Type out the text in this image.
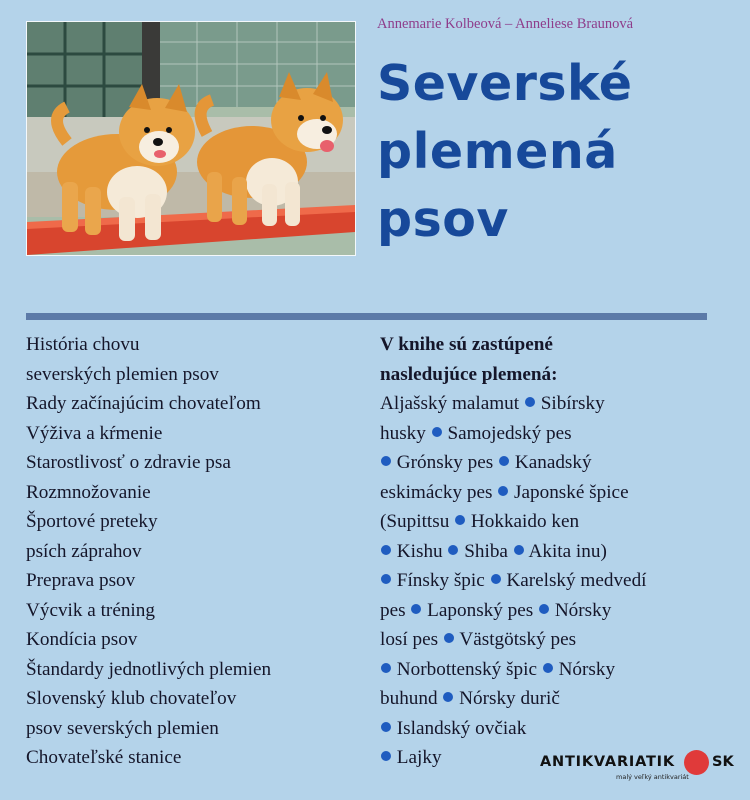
Annemarie Kolbeová – Anneliese Braunová
Severské
plemená
psov
História chovu
severských plemien psov
Rady začínajúcim chovateľom
Výživa a kŕmenie
Starostlivosť o zdravie psa
Rozmnožovanie
Športové preteky
psích záprahov
Preprava psov
Výcvik a tréning
Kondícia psov
Štandardy jednotlivých plemien
Slovenský klub chovateľov
psov severských plemien
Chovateľské stanice
V knihe sú zastúpené
nasledujúce plemená:
Aljašský malamut Sibírsky
husky Samojedský pes
Grónsky pes Kanadský
eskimácky pes Japonské špice
(Supittsu Hokkaido ken
Kishu Shiba Akita inu)
Fínsky špic Karelský medvedí
pes Laponský pes Nórsky
losí pes Västgötský pes
Norbottenský špic Nórsky
buhund Nórsky durič
Islandský ovčiak
Lajky	ANTIKVARIATIK	SK
malý veľký antikvariát
